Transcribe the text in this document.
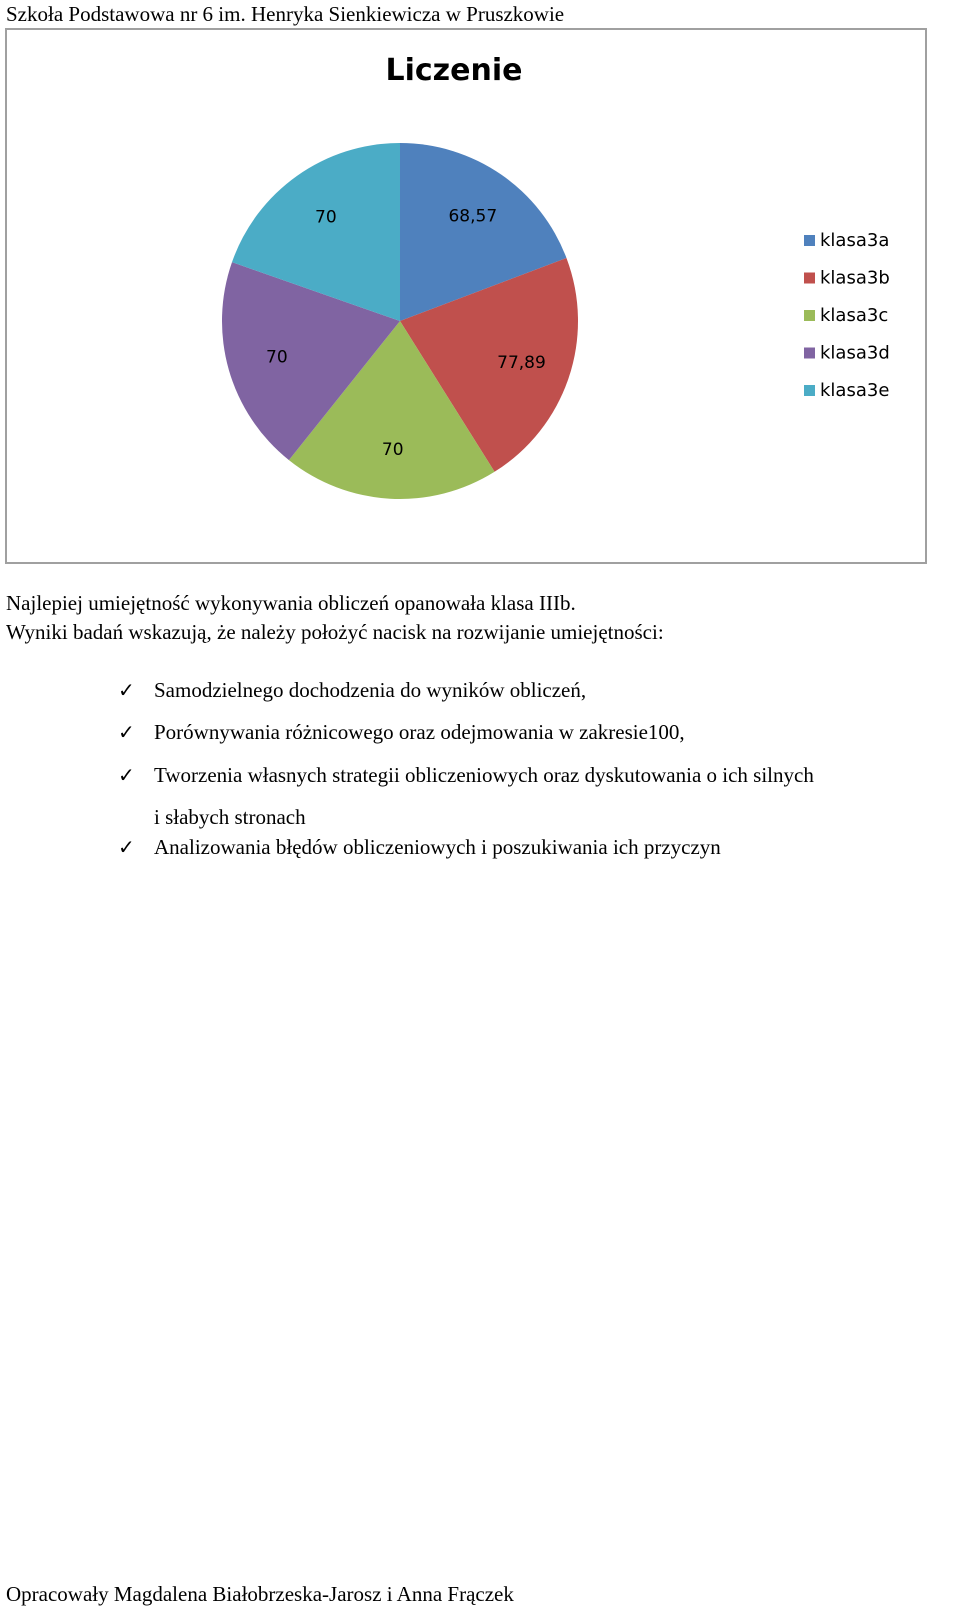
Szkoła Podstawowa nr 6 im. Henryka Sienkiewicza w Pruszkowie
Liczenie
68,57
77,89
70
70
70
klasa3a
klasa3b
klasa3c
klasa3d
klasa3e
Najlepiej umiejętność wykonywania obliczeń opanowała klasa IIIb.
Wyniki badań wskazują, że należy położyć nacisk na rozwijanie umiejętności:
✓ Samodzielnego dochodzenia do wyników obliczeń,
✓ Porównywania różnicowego oraz odejmowania w zakresie100,
✓ Tworzenia własnych strategii obliczeniowych oraz dyskutowania o ich silnych
i słabych stronach
✓ Analizowania błędów obliczeniowych i poszukiwania ich przyczyn
Opracowały Magdalena Białobrzeska-Jarosz i Anna Frączek
